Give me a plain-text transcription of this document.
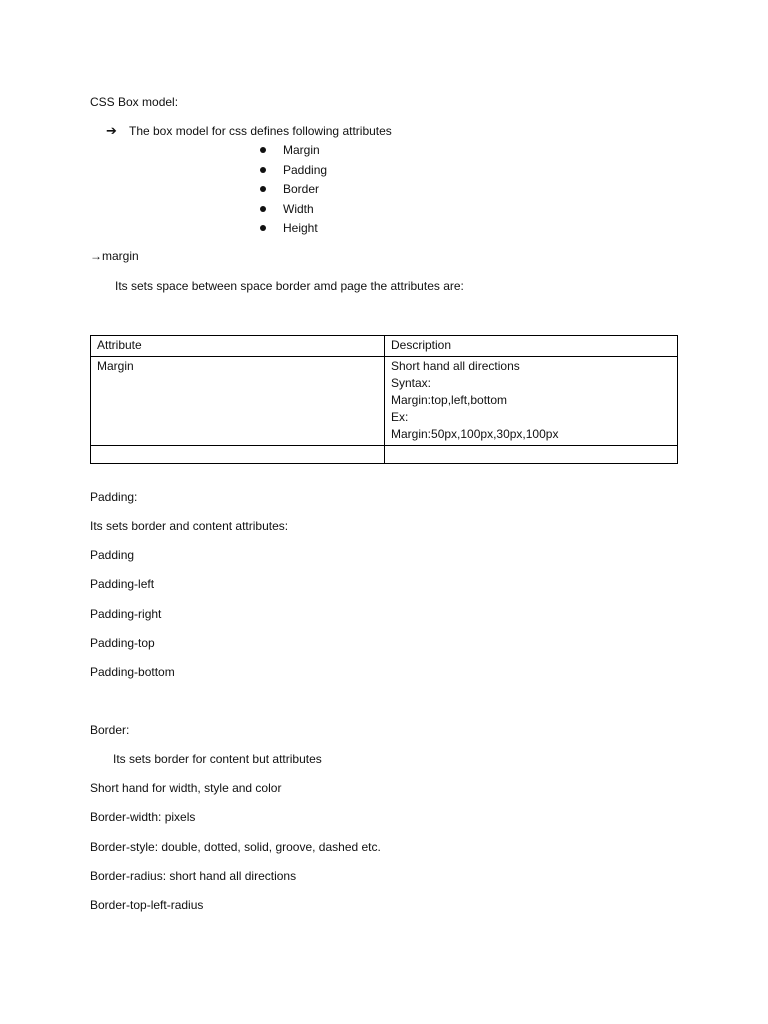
CSS Box model:
➔ The box model for css defines following attributes
Margin
Padding
Border
Width
Height
→margin
Its sets space between space border amd page the attributes are:
Attribute	Description
Margin	Short hand all directions
Syntax:
Margin:top,left,bottom
Ex:
Margin:50px,100px,30px,100px

Padding:
Its sets border and content attributes:
Padding
Padding-left
Padding-right
Padding-top
Padding-bottom
Border:
Its sets border for content but attributes
Short hand for width, style and color
Border-width: pixels
Border-style: double, dotted, solid, groove, dashed etc.
Border-radius: short hand all directions
Border-top-left-radius
